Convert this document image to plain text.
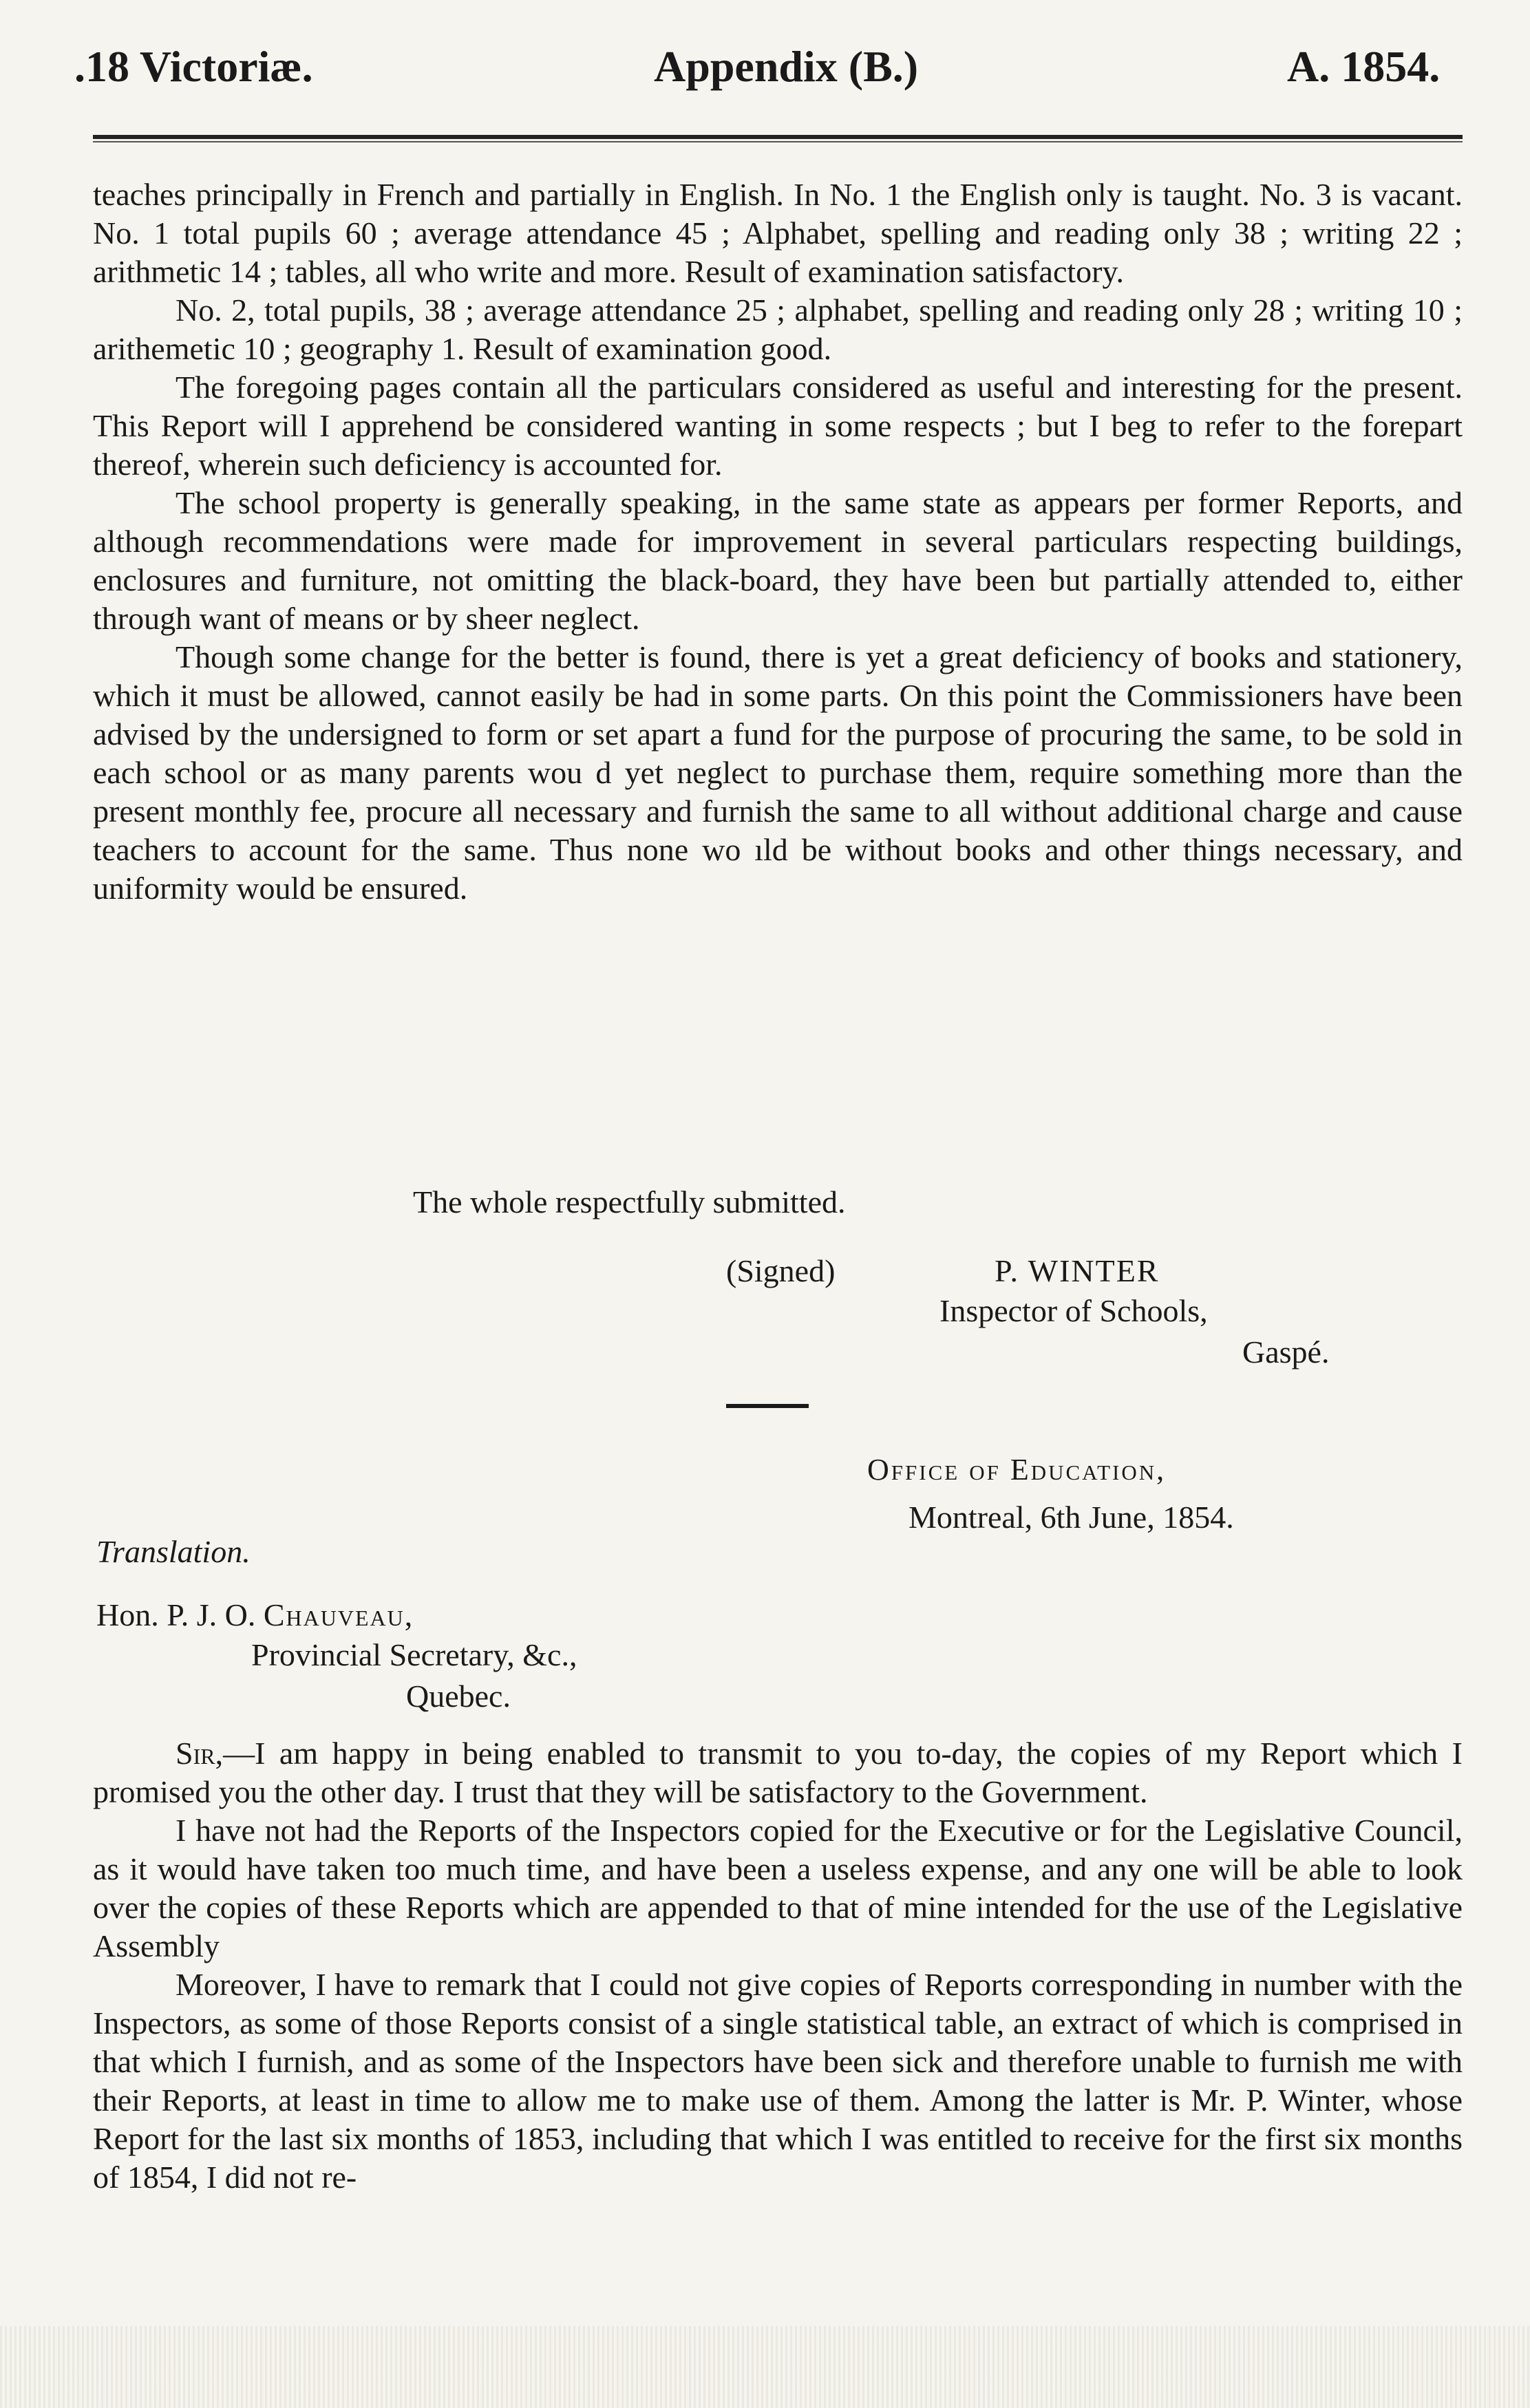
.18 Victoriæ.	Appendix (B.)	A. 1854.

teaches principally in French and partially in English. In No. 1 the English only is taught. No. 3 is vacant. No. 1 total pupils 60 ; average attendance 45 ; Alphabet, spelling and reading only 38 ; writing 22 ; arithmetic 14 ; tables, all who write and more. Result of examination satisfactory.

No. 2, total pupils, 38 ; average attendance 25 ; alphabet, spelling and reading only 28 ; writing 10 ; arithemetic 10 ; geography 1. Result of examination good.

The foregoing pages contain all the particulars considered as useful and interesting for the present. This Report will I apprehend be considered wanting in some respects ; but I beg to refer to the forepart thereof, wherein such deficiency is accounted for.

The school property is generally speaking, in the same state as appears per former Reports, and although recommendations were made for improvement in several particulars respecting buildings, enclosures and furniture, not omitting the black-board, they have been but partially attended to, either through want of means or by sheer neglect.

Though some change for the better is found, there is yet a great deficiency of books and stationery, which it must be allowed, cannot easily be had in some parts. On this point the Commissioners have been advised by the undersigned to form or set apart a fund for the purpose of procuring the same, to be sold in each school or as many parents wou d yet neglect to purchase them, require something more than the present monthly fee, procure all necessary and furnish the same to all without additional charge and cause teachers to account for the same. Thus none wo ıld be without books and other things necessary, and uniformity would be ensured.

The whole respectfully submitted.
(Signed)	P. WINTER
Inspector of Schools,
Gaspé.
Office of Education,
Montreal, 6th June, 1854.
Translation.
Hon. P. J. O. Chauveau,
Provincial Secretary, &c.,
Quebec.

Sir,—I am happy in being enabled to transmit to you to-day, the copies of my Report which I promised you the other day. I trust that they will be satisfactory to the Government.

I have not had the Reports of the Inspectors copied for the Executive or for the Legislative Council, as it would have taken too much time, and have been a useless expense, and any one will be able to look over the copies of these Reports which are appended to that of mine intended for the use of the Legislative Assembly

Moreover, I have to remark that I could not give copies of Reports corresponding in number with the Inspectors, as some of those Reports consist of a single statistical table, an extract of which is comprised in that which I furnish, and as some of the Inspectors have been sick and therefore unable to furnish me with their Reports, at least in time to allow me to make use of them. Among the latter is Mr. P. Winter, whose Report for the last six months of 1853, including that which I was entitled to receive for the first six months of 1854, I did not re-
